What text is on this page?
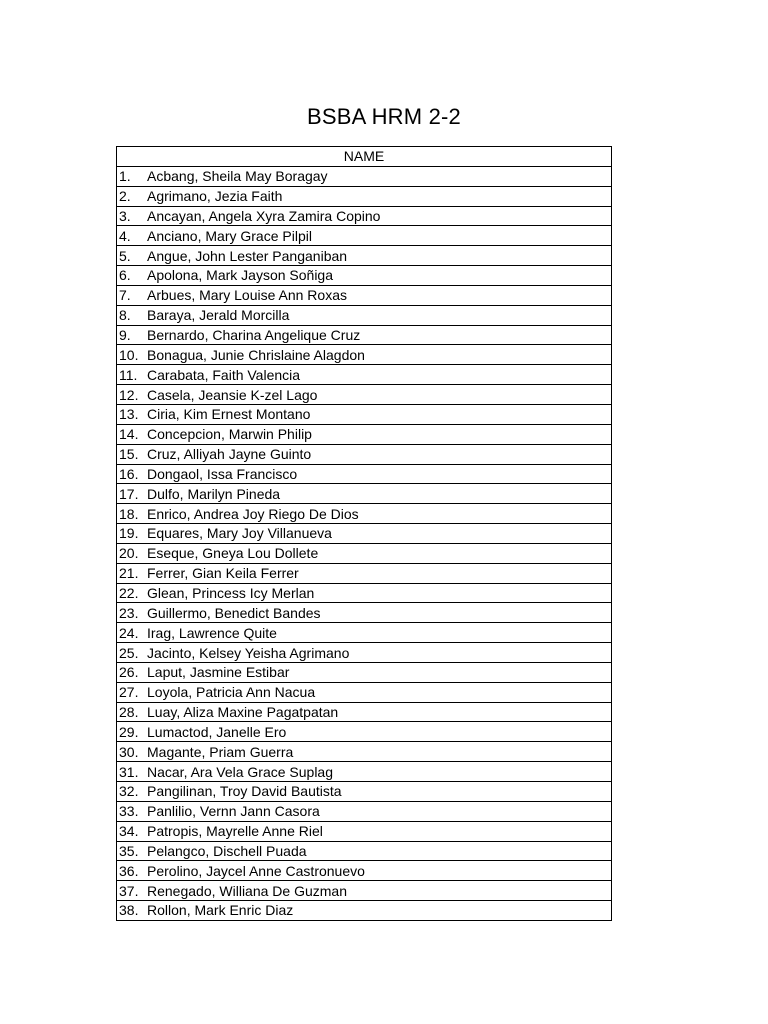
BSBA HRM 2-2
NAME
1. Acbang, Sheila May Boragay
2. Agrimano, Jezia Faith
3. Ancayan, Angela Xyra Zamira Copino
4. Anciano, Mary Grace Pilpil
5. Angue, John Lester Panganiban
6. Apolona, Mark Jayson Soñiga
7. Arbues, Mary Louise Ann Roxas
8. Baraya, Jerald Morcilla
9. Bernardo, Charina Angelique Cruz
10. Bonagua, Junie Chrislaine Alagdon
11. Carabata, Faith Valencia
12. Casela, Jeansie K-zel Lago
13. Ciria, Kim Ernest Montano
14. Concepcion, Marwin Philip
15. Cruz, Alliyah Jayne Guinto
16. Dongaol, Issa Francisco
17. Dulfo, Marilyn Pineda
18. Enrico, Andrea Joy Riego De Dios
19. Equares, Mary Joy Villanueva
20. Eseque, Gneya Lou Dollete
21. Ferrer, Gian Keila Ferrer
22. Glean, Princess Icy Merlan
23. Guillermo, Benedict Bandes
24. Irag, Lawrence Quite
25. Jacinto, Kelsey Yeisha Agrimano
26. Laput, Jasmine Estibar
27. Loyola, Patricia Ann Nacua
28. Luay, Aliza Maxine Pagatpatan
29. Lumactod, Janelle Ero
30. Magante, Priam Guerra
31. Nacar, Ara Vela Grace Suplag
32. Pangilinan, Troy David Bautista
33. Panlilio, Vernn Jann Casora
34. Patropis, Mayrelle Anne Riel
35. Pelangco, Dischell Puada
36. Perolino, Jaycel Anne Castronuevo
37. Renegado, Williana De Guzman
38. Rollon, Mark Enric Diaz
